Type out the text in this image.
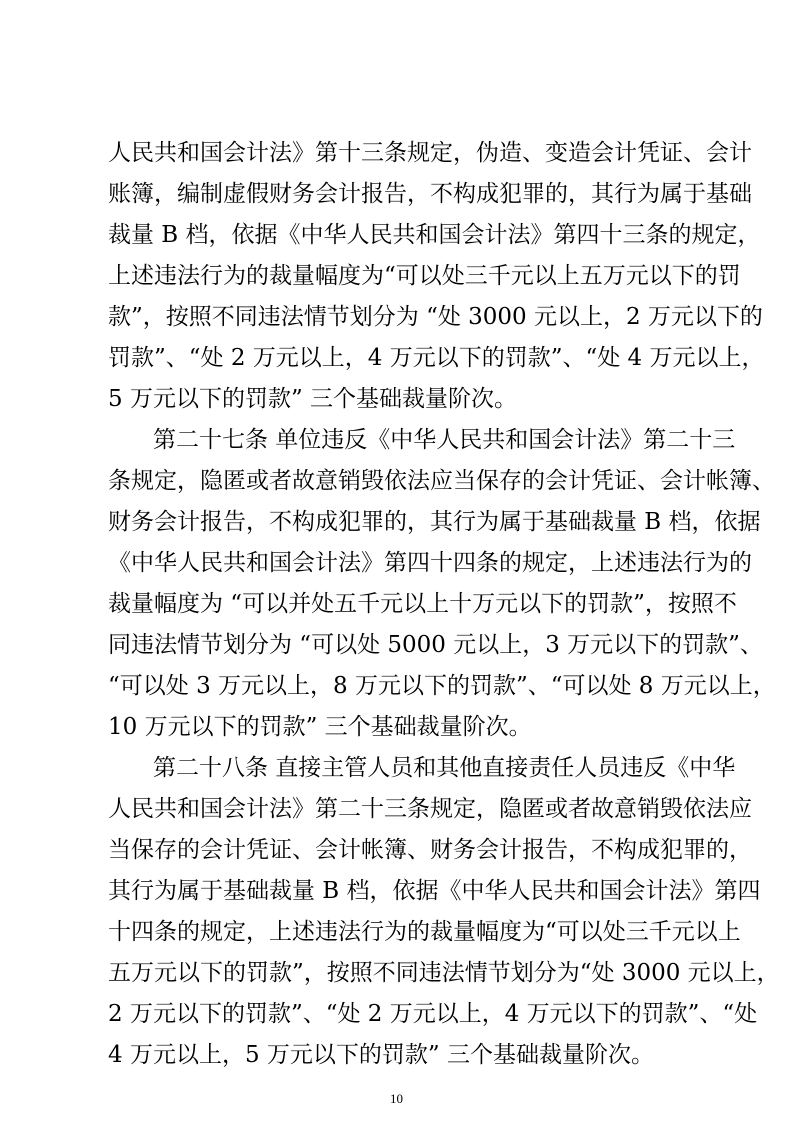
人民共和国会计法》第十三条规定，伪造、变造会计凭证、会计
账簿，编制虚假财务会计报告，不构成犯罪的，其行为属于基础
裁量 B 档，依据《中华人民共和国会计法》第四十三条的规定，
上述违法行为的裁量幅度为“可以处三千元以上五万元以下的罚
款”，按照不同违法情节划分为 “处 3000 元以上，2 万元以下的
罚款”、“处 2 万元以上，4 万元以下的罚款”、“处 4 万元以上，
5 万元以下的罚款” 三个基础裁量阶次。
第二十七条 单位违反《中华人民共和国会计法》第二十三
条规定，隐匿或者故意销毁依法应当保存的会计凭证、会计帐簿、
财务会计报告，不构成犯罪的，其行为属于基础裁量 B 档，依据
《中华人民共和国会计法》第四十四条的规定，上述违法行为的
裁量幅度为 “可以并处五千元以上十万元以下的罚款”，按照不
同违法情节划分为 “可以处 5000 元以上，3 万元以下的罚款”、
“可以处 3 万元以上，8 万元以下的罚款”、“可以处 8 万元以上，
10 万元以下的罚款” 三个基础裁量阶次。
第二十八条 直接主管人员和其他直接责任人员违反《中华
人民共和国会计法》第二十三条规定，隐匿或者故意销毁依法应
当保存的会计凭证、会计帐簿、财务会计报告，不构成犯罪的，
其行为属于基础裁量 B 档，依据《中华人民共和国会计法》第四
十四条的规定，上述违法行为的裁量幅度为“可以处三千元以上
五万元以下的罚款”，按照不同违法情节划分为“处 3000 元以上，
2 万元以下的罚款”、“处 2 万元以上，4 万元以下的罚款”、“处
4 万元以上，5 万元以下的罚款” 三个基础裁量阶次。
10
